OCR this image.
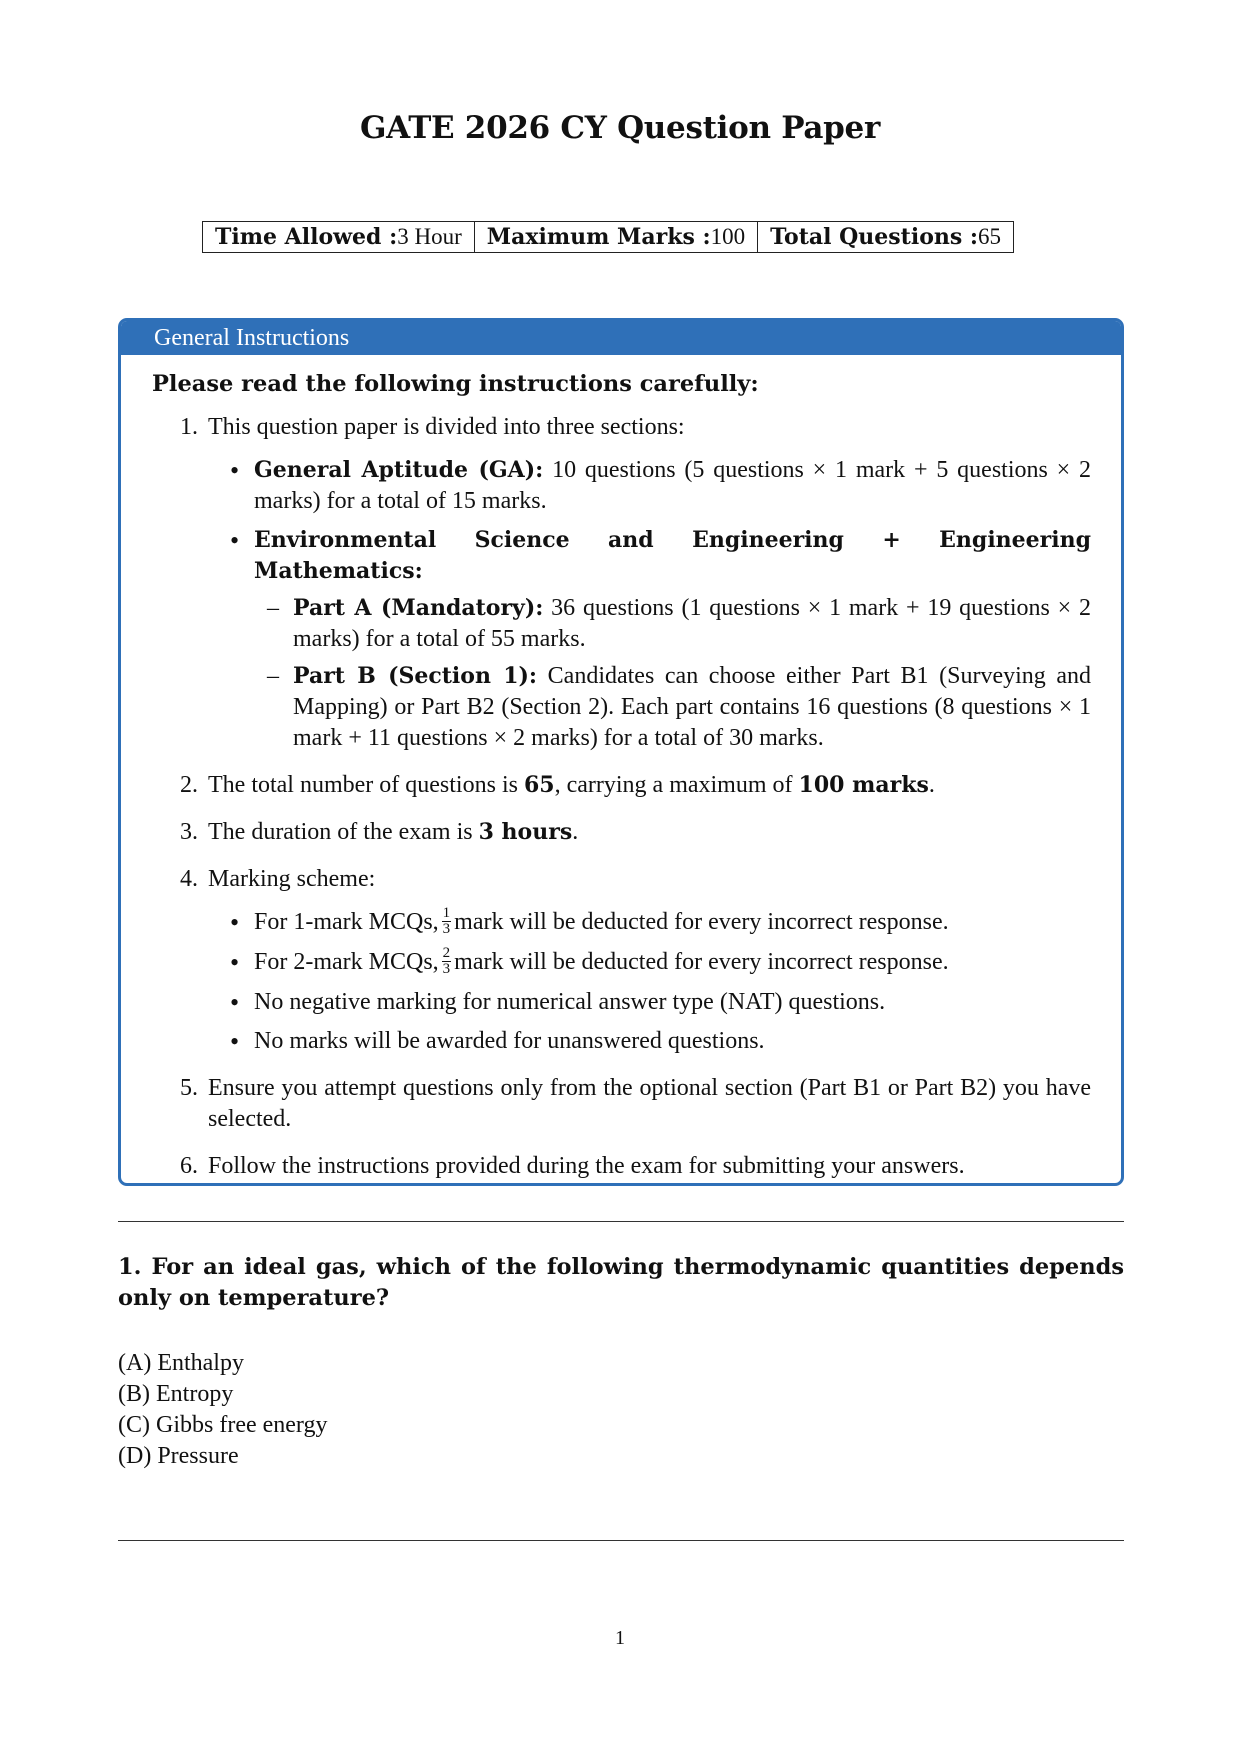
GATE 2026 CY Question Paper
Time Allowed :3 Hour	Maximum Marks :100	Total Questions :65
General Instructions
Please read the following instructions carefully:
1. This question paper is divided into three sections:
• General Aptitude (GA): 10 questions (5 questions × 1 mark + 5 questions × 2 marks) for a total of 15 marks.
• Environmental Science and Engineering + Engineering Mathematics:
– Part A (Mandatory): 36 questions (1 questions × 1 mark + 19 questions × 2 marks) for a total of 55 marks.
– Part B (Section 1): Candidates can choose either Part B1 (Surveying and Mapping) or Part B2 (Section 2). Each part contains 16 questions (8 questions × 1 mark + 11 questions × 2 marks) for a total of 30 marks.
2. The total number of questions is 65, carrying a maximum of 100 marks.
3. The duration of the exam is 3 hours.
4. Marking scheme:
• For 1-mark MCQs, $\frac{1}{3}$ mark will be deducted for every incorrect response.
• For 2-mark MCQs, $\frac{2}{3}$ mark will be deducted for every incorrect response.
• No negative marking for numerical answer type (NAT) questions.
• No marks will be awarded for unanswered questions.
5. Ensure you attempt questions only from the optional section (Part B1 or Part B2) you have selected.
6. Follow the instructions provided during the exam for submitting your answers.
1. For an ideal gas, which of the following thermodynamic quantities depends only on temperature?
(A) Enthalpy
(B) Entropy
(C) Gibbs free energy
(D) Pressure
1
